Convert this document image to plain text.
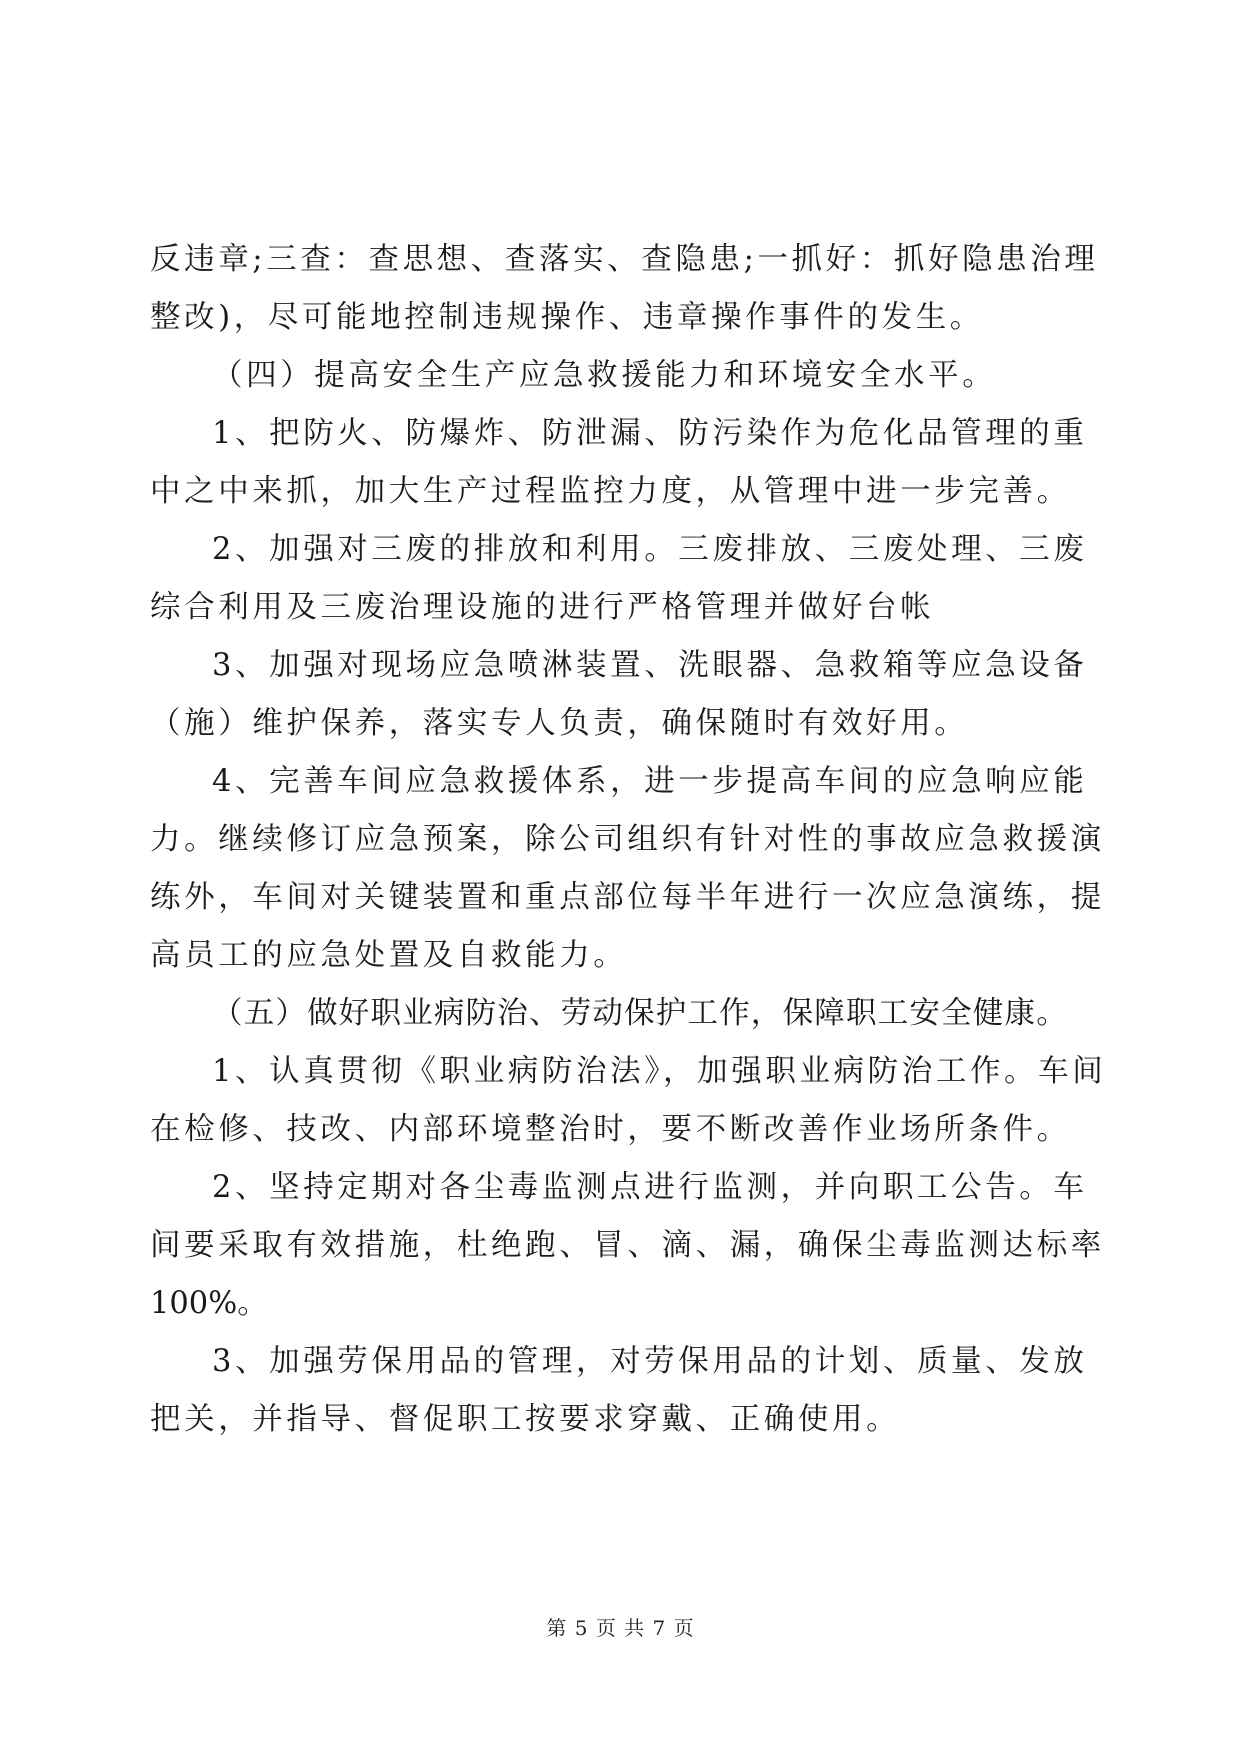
反违章;三查：查思想、查落实、查隐患;一抓好：抓好隐患治理
整改)，尽可能地控制违规操作、违章操作事件的发生。
（四）提高安全生产应急救援能力和环境安全水平。
1、把防火、防爆炸、防泄漏、防污染作为危化品管理的重
中之中来抓，加大生产过程监控力度，从管理中进一步完善。
2、加强对三废的排放和利用。三废排放、三废处理、三废
综合利用及三废治理设施的进行严格管理并做好台帐
3、加强对现场应急喷淋装置、洗眼器、急救箱等应急设备
（施）维护保养，落实专人负责，确保随时有效好用。
4、完善车间应急救援体系，进一步提高车间的应急响应能
力。继续修订应急预案，除公司组织有针对性的事故应急救援演
练外，车间对关键装置和重点部位每半年进行一次应急演练，提
高员工的应急处置及自救能力。
（五）做好职业病防治、劳动保护工作，保障职工安全健康。
1、认真贯彻《职业病防治法》，加强职业病防治工作。车间
在检修、技改、内部环境整治时，要不断改善作业场所条件。
2、坚持定期对各尘毒监测点进行监测，并向职工公告。车
间要采取有效措施，杜绝跑、冒、滴、漏，确保尘毒监测达标率
100%。
3、加强劳保用品的管理，对劳保用品的计划、质量、发放
把关，并指导、督促职工按要求穿戴、正确使用。
第 5 页 共 7 页
